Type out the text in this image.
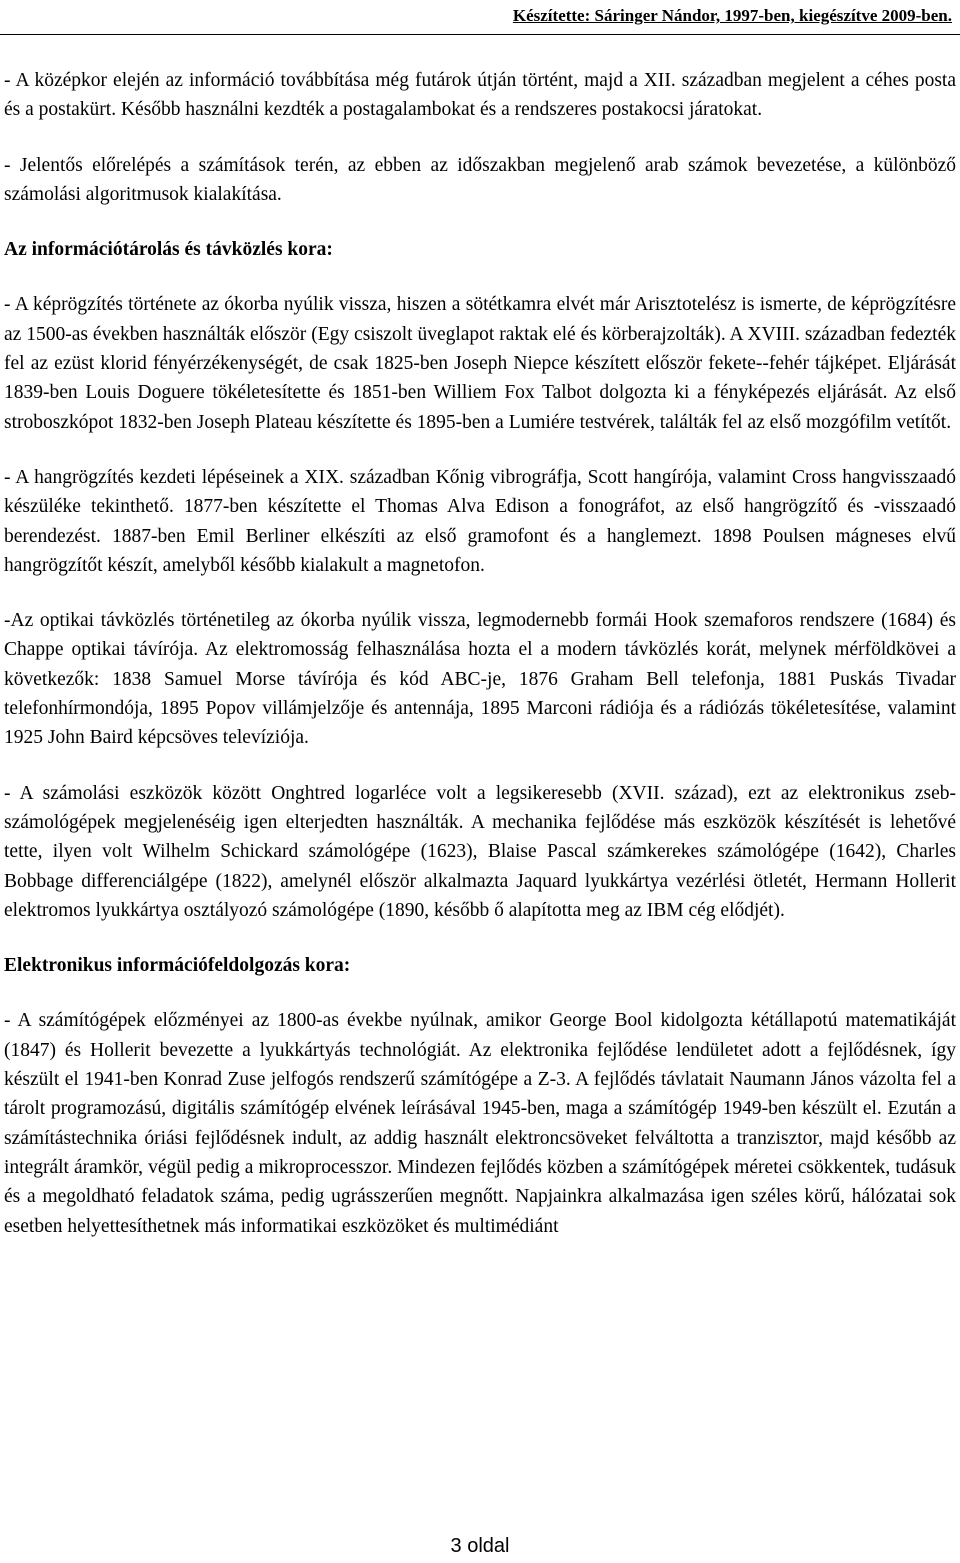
Készítette: Sáringer Nándor, 1997-ben, kiegészítve 2009-ben.

- A középkor elején az információ továbbítása még futárok útján történt, majd a XII. században megjelent a céhes posta és a postakürt. Később használni kezdték a postagalambokat és a rendszeres postakocsi járatokat.

- Jelentős előrelépés a számítások terén, az ebben az időszakban megjelenő arab számok bevezetése, a különböző számolási algoritmusok kialakítása.

Az információtárolás és távközlés kora:

- A képrögzítés története az ókorba nyúlik vissza, hiszen a sötétkamra elvét már Arisztotelész is ismerte, de képrögzítésre az 1500-as években használták először (Egy csiszolt üveglapot raktak elé és körberajzolták). A XVIII. században fedezték fel az ezüst klorid fényérzékenységét, de csak 1825-ben Joseph Niepce készített először fekete--fehér tájképet. Eljárását 1839-ben Louis Doguere tökéletesítette és 1851-ben Williem Fox Talbot dolgozta ki a fényképezés eljárását. Az első stroboszkópot 1832-ben Joseph Plateau készítette és 1895-ben a Lumiére testvérek, találták fel az első mozgófilm vetítőt.

- A hangrögzítés kezdeti lépéseinek a XIX. században Kőnig vibrográfja, Scott hangírója, valamint Cross hangvisszaadó készüléke tekinthető. 1877-ben készítette el Thomas Alva Edison a fonográfot, az első hangrögzítő és -visszaadó berendezést. 1887-ben Emil Berliner elkészíti az első gramofont és a hanglemezt. 1898 Poulsen mágneses elvű hangrögzítőt készít, amelyből később kialakult a magnetofon.

-Az optikai távközlés történetileg az ókorba nyúlik vissza, legmodernebb formái Hook szemaforos rendszere (1684) és Chappe optikai távírója. Az elektromosság felhasználása hozta el a modern távközlés korát, melynek mérföldkövei a következők: 1838 Samuel Morse távírója és kód ABC-je, 1876 Graham Bell telefonja, 1881 Puskás Tivadar telefonhírmondója, 1895 Popov villámjelzője és antennája, 1895 Marconi rádiója és a rádiózás tökéletesítése, valamint 1925 John Baird képcsöves televíziója.

- A számolási eszközök között Onghtred logarléce volt a legsikeresebb (XVII. század), ezt az elektronikus zseb-számológépek megjelenéséig igen elterjedten használták. A mechanika fejlődése más eszközök készítését is lehetővé tette, ilyen volt Wilhelm Schickard számológépe (1623), Blaise Pascal számkerekes számológépe (1642), Charles Bobbage differenciálgépe (1822), amelynél először alkalmazta Jaquard lyukkártya vezérlési ötletét, Hermann Hollerit elektromos lyukkártya osztályozó számológépe (1890, később ő alapította meg az IBM cég elődjét).

Elektronikus információfeldolgozás kora:

- A számítógépek előzményei az 1800-as évekbe nyúlnak, amikor George Bool kidolgozta kétállapotú matematikáját (1847) és Hollerit bevezette a lyukkártyás technológiát. Az elektronika fejlődése lendületet adott a fejlődésnek, így készült el 1941-ben Konrad Zuse jelfogós rendszerű számítógépe a Z-3. A fejlődés távlatait Naumann János vázolta fel a tárolt programozású, digitális számítógép elvének leírásával 1945-ben, maga a számítógép 1949-ben készült el. Ezután a számítástechnika óriási fejlődésnek indult, az addig használt elektroncsöveket felváltotta a tranzisztor, majd később az integrált áramkör, végül pedig a mikroprocesszor. Mindezen fejlődés közben a számítógépek méretei csökkentek, tudásuk és a megoldható feladatok száma, pedig ugrásszerűen megnőtt. Napjainkra alkalmazása igen széles körű, hálózatai sok esetben helyettesíthetnek más informatikai eszközöket és multimédiánt

3 oldal
